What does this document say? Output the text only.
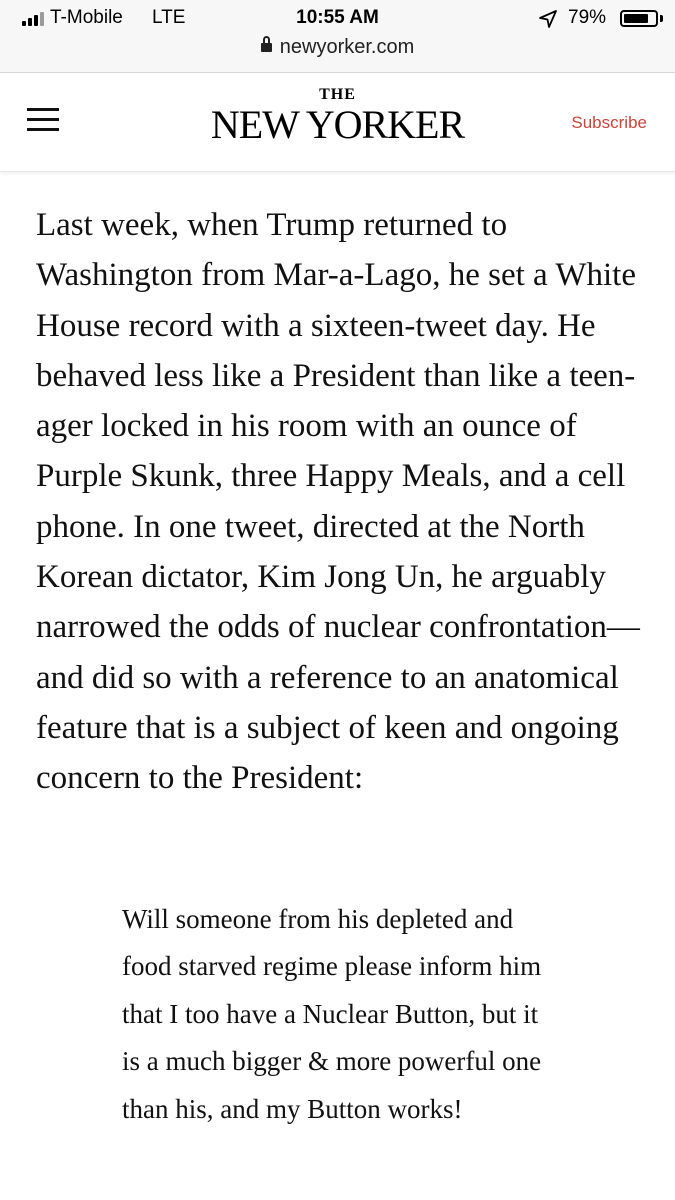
T-Mobile LTE	10:55 AM	79%
newyorker.com
THE
NEW YORKER	Subscribe

Last week, when Trump returned to Washington from Mar-a-Lago, he set a White House record with a sixteen-tweet day. He behaved less like a President than like a teen-ager locked in his room with an ounce of Purple Skunk, three Happy Meals, and a cell phone. In one tweet, directed at the North Korean dictator, Kim Jong Un, he arguably narrowed the odds of nuclear confrontation—and did so with a reference to an anatomical feature that is a subject of keen and ongoing concern to the President:

Will someone from his depleted and food starved regime please inform him that I too have a Nuclear Button, but it is a much bigger & more powerful one than his, and my Button works!
